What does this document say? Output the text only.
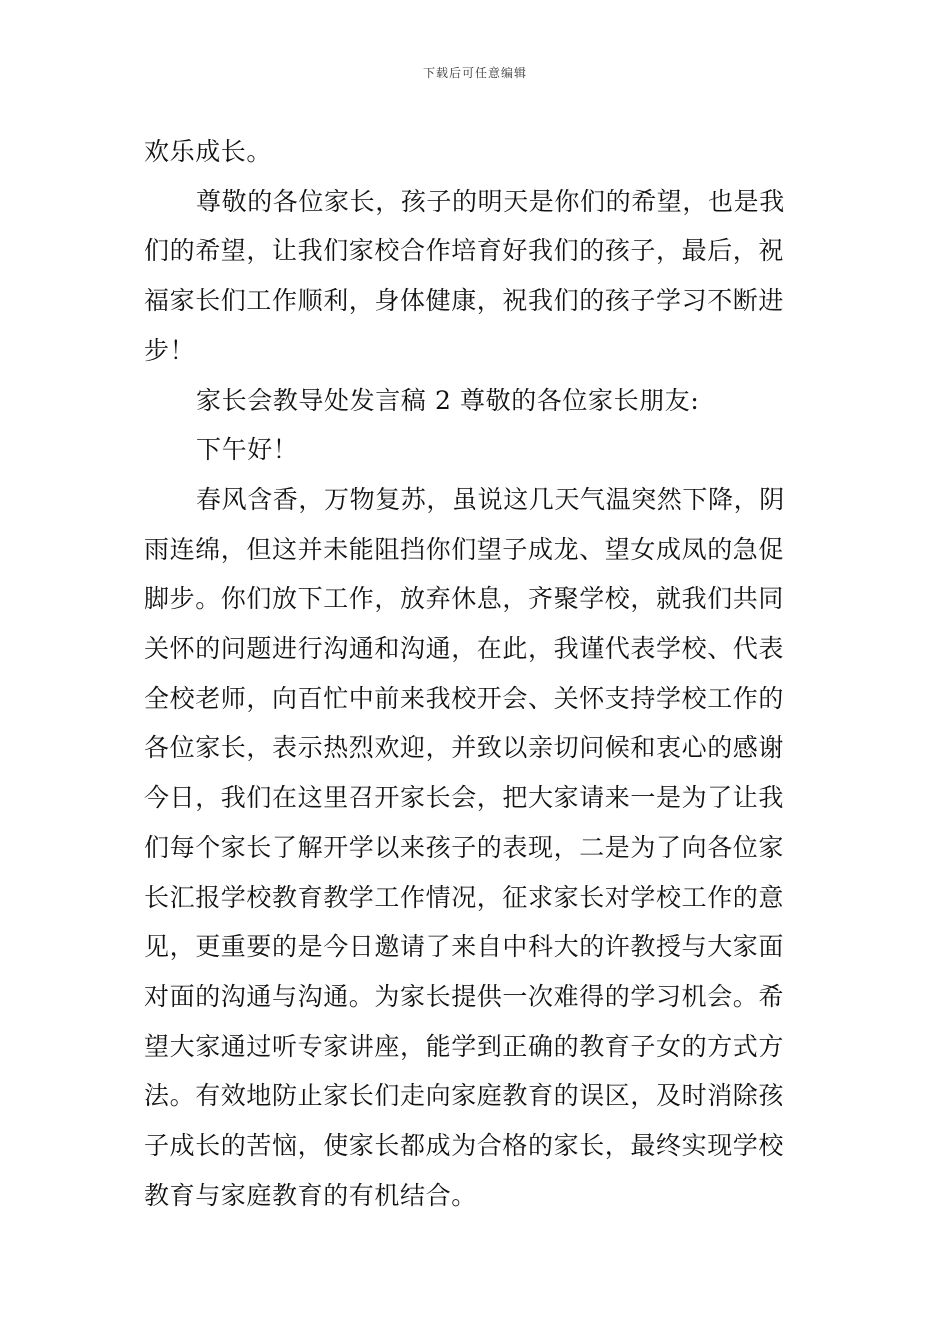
下载后可任意编辑
欢乐成长。
尊敬的各位家长，孩子的明天是你们的希望，也是我
们的希望，让我们家校合作培育好我们的孩子，最后，祝
福家长们工作顺利，身体健康，祝我们的孩子学习不断进
步！
家长会教导处发言稿 2 尊敬的各位家长朋友:
下午好！
春风含香，万物复苏，虽说这几天气温突然下降，阴
雨连绵，但这并未能阻挡你们望子成龙、望女成凤的急促
脚步。你们放下工作，放弃休息，齐聚学校，就我们共同
关怀的问题进行沟通和沟通，在此，我谨代表学校、代表
全校老师，向百忙中前来我校开会、关怀支持学校工作的
各位家长，表示热烈欢迎，并致以亲切问候和衷心的感谢
今日，我们在这里召开家长会，把大家请来一是为了让我
们每个家长了解开学以来孩子的表现，二是为了向各位家
长汇报学校教育教学工作情况，征求家长对学校工作的意
见，更重要的是今日邀请了来自中科大的许教授与大家面
对面的沟通与沟通。为家长提供一次难得的学习机会。希
望大家通过听专家讲座，能学到正确的教育子女的方式方
法。有效地防止家长们走向家庭教育的误区，及时消除孩
子成长的苦恼，使家长都成为合格的家长，最终实现学校
教育与家庭教育的有机结合。
